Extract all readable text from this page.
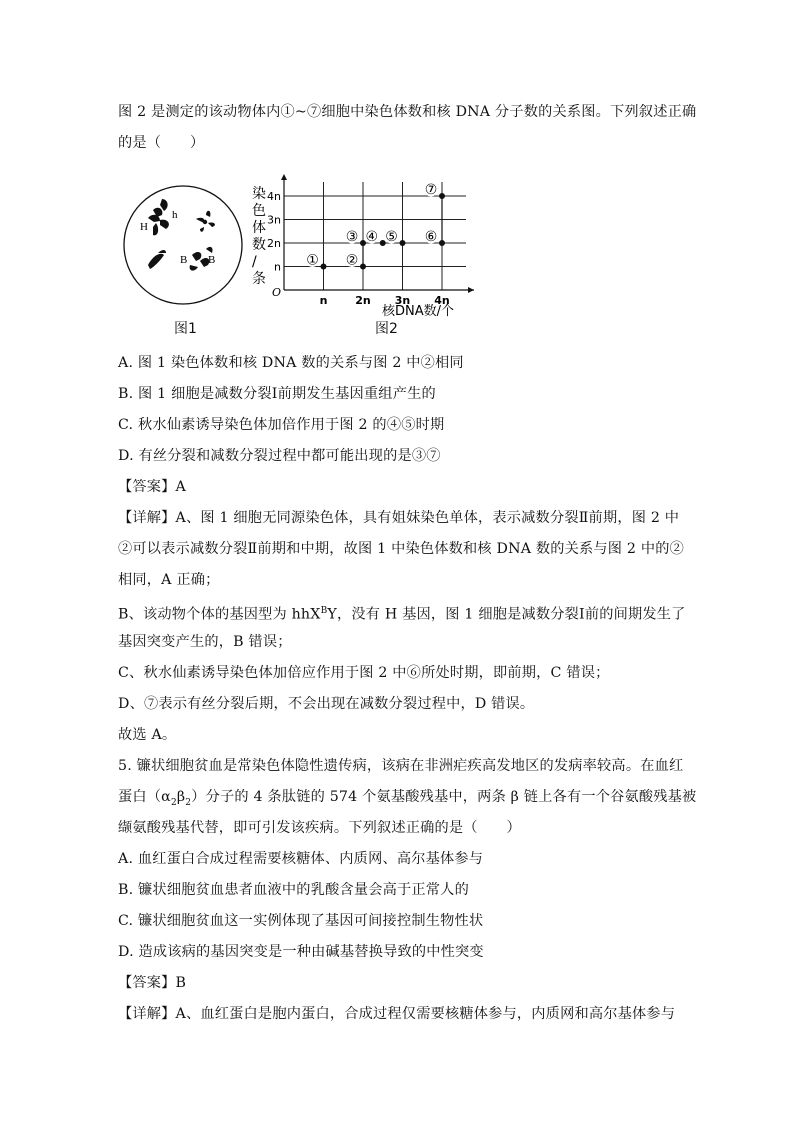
图 2 是测定的该动物体内①~⑦细胞中染色体数和核 DNA 分子数的关系图。下列叙述正确
的是（　　）
h
H
B B
图1
4n
3n
2n
n
n	2n 3n 4n
O
染
色
体
数
/
条
核DNA数/个
① ②
③ ④ ⑤ ⑥
⑦
图2
A. 图 1 染色体数和核 DNA 数的关系与图 2 中②相同
B. 图 1 细胞是减数分裂Ⅰ前期发生基因重组产生的
C. 秋水仙素诱导染色体加倍作用于图 2 的④⑤时期
D. 有丝分裂和减数分裂过程中都可能出现的是③⑦
【答案】A
【详解】A、图 1 细胞无同源染色体，具有姐妹染色单体，表示减数分裂Ⅱ前期，图 2 中
②可以表示减数分裂Ⅱ前期和中期，故图 1 中染色体数和核 DNA 数的关系与图 2 中的②
相同，A 正确；
B、该动物个体的基因型为 hhX$^B$Y，没有 H 基因，图 1 细胞是减数分裂Ⅰ前的间期发生了
基因突变产生的，B 错误；
C、秋水仙素诱导染色体加倍应作用于图 2 中⑥所处时期，即前期，C 错误；
D、⑦表示有丝分裂后期，不会出现在减数分裂过程中，D 错误。
故选 A。
5. 镰状细胞贫血是常染色体隐性遗传病，该病在非洲疟疾高发地区的发病率较高。在血红
蛋白$(\alpha_2\beta_2)$分子的 4 条肽链的 574 个氨基酸残基中，两条 β 链上各有一个谷氨酸残基被
缬氨酸残基代替，即可引发该疾病。下列叙述正确的是（　　）
A. 血红蛋白合成过程需要核糖体、内质网、高尔基体参与
B. 镰状细胞贫血患者血液中的乳酸含量会高于正常人的
C. 镰状细胞贫血这一实例体现了基因可间接控制生物性状
D. 造成该病的基因突变是一种由碱基替换导致的中性突变
【答案】B
【详解】A、血红蛋白是胞内蛋白，合成过程仅需要核糖体参与，内质网和高尔基体参与
